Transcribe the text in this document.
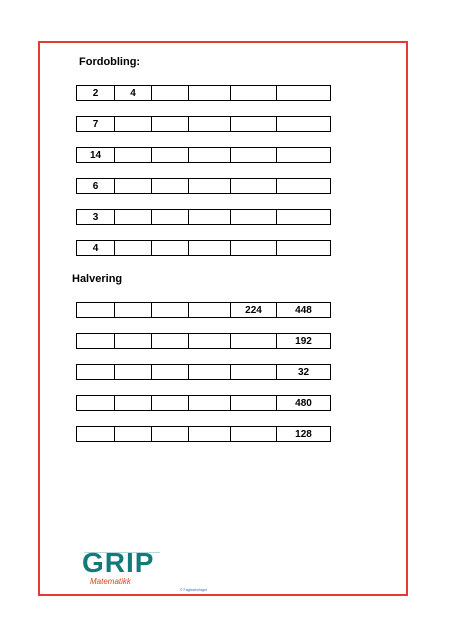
Fordobling:
2	4
7
14
6
3
4
Halvering
224	448
192
32
480
128
GRIP
Matematikk
© Fagbokforlaget
